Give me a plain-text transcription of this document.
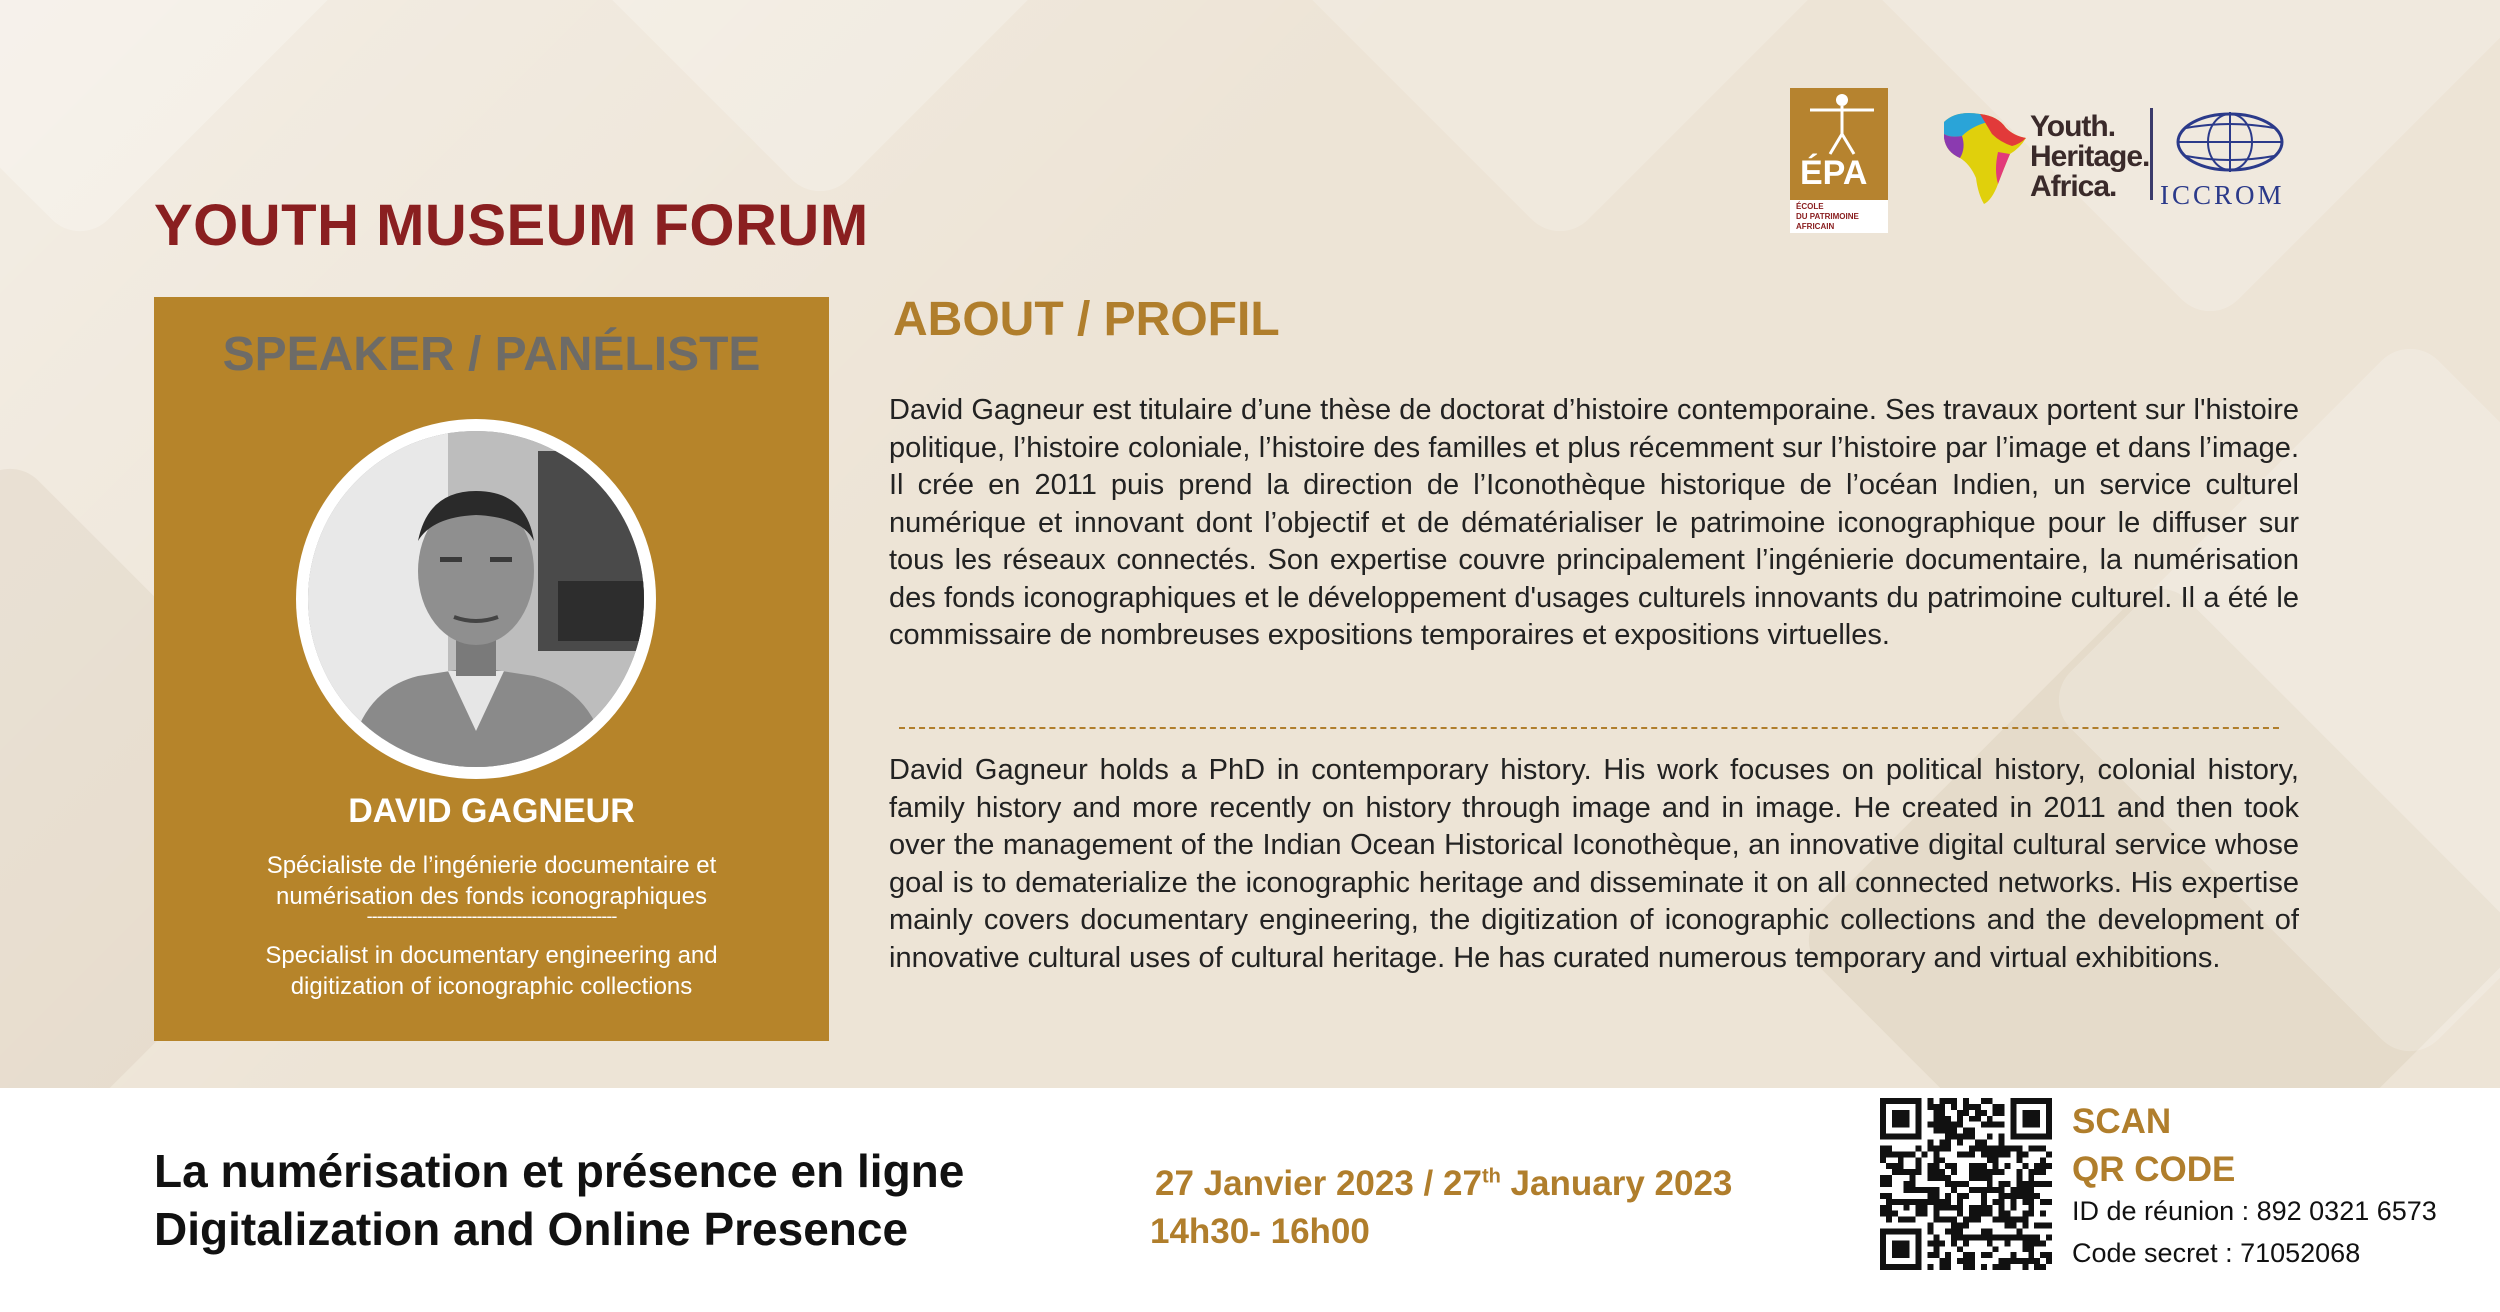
YOUTH MUSEUM FORUM
ÉPA
ÉCOLE
DU PATRIMOINE
AFRICAIN
Youth.
Heritage.
Africa.	ICCROM
SPEAKER / PANÉLISTE
DAVID GAGNEUR
Spécialiste de l’ingénierie documentaire et numérisation des fonds iconographiques
--------------------------------------------------
Specialist in documentary engineering and digitization of iconographic collections
ABOUT / PROFIL
David Gagneur est titulaire d’une thèse de doctorat d’histoire contemporaine. Ses travaux portent sur l'histoire politique, l’histoire coloniale, l’histoire des familles et plus récemment sur l’histoire par l’image et dans l’image. Il crée en 2011 puis prend la direction de l’Iconothèque historique de l’océan Indien, un service culturel numérique et innovant dont l’objectif et de dématérialiser le patrimoine iconographique pour le diffuser sur tous les réseaux connectés. Son expertise couvre principalement l’ingénierie documentaire, la numérisation des fonds iconographiques et le développement d'usages culturels innovants du patrimoine culturel. Il a été le commissaire de nombreuses expositions temporaires et expositions virtuelles.
David Gagneur holds a PhD in contemporary history. His work focuses on political history, colonial history, family history and more recently on history through image and in image. He created in 2011 and then took over the management of the Indian Ocean Historical Iconothèque, an innovative digital cultural service whose goal is to dematerialize the iconographic heritage and disseminate it on all connected networks. His expertise mainly covers documentary engineering, the digitization of iconographic collections and the development of innovative cultural uses of cultural heritage. He has curated numerous temporary and virtual exhibitions.
La numérisation et présence en ligne
Digitalization and Online Presence
27 Janvier 2023 / 27th January 2023
14h30- 16h00
SCAN
QR CODE
ID de réunion : 892 0321 6573
Code secret : 71052068
